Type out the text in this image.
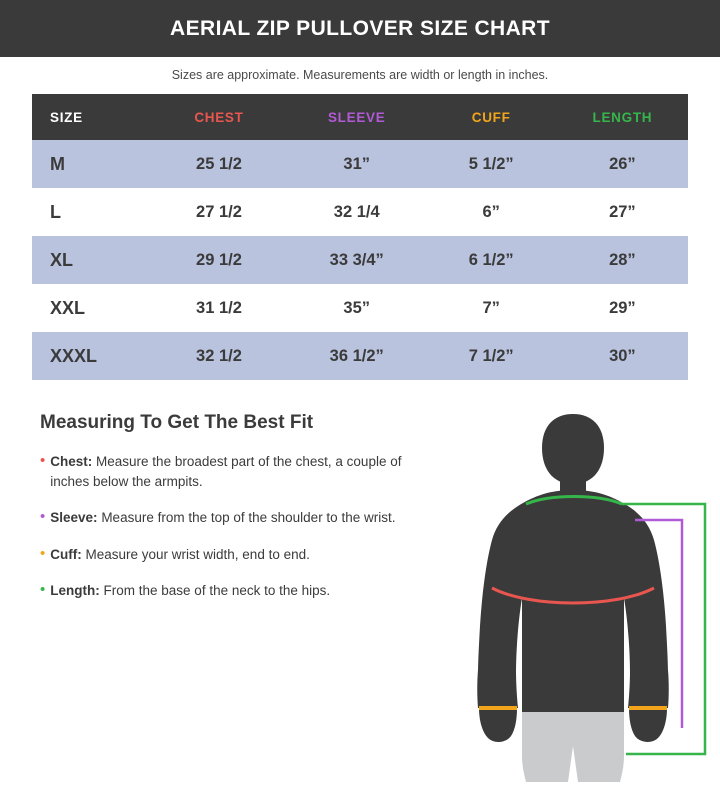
AERIAL ZIP PULLOVER SIZE CHART
Sizes are approximate. Measurements are width or length in inches.
SIZE	CHEST	SLEEVE	CUFF	LENGTH
M	25 1/2	31”	5 1/2”	26”
L	27 1/2	32 1/4	6”	27”
XL	29 1/2	33 3/4”	6 1/2”	28”
XXL	31 1/2	35”	7”	29”
XXXL	32 1/2	36 1/2”	7 1/2”	30”
Measuring To Get The Best Fit
• Chest: Measure the broadest part of the chest, a couple of inches below the armpits.
• Sleeve: Measure from the top of the shoulder to the wrist.
• Cuff: Measure your wrist width, end to end.
• Length: From the base of the neck to the hips.
